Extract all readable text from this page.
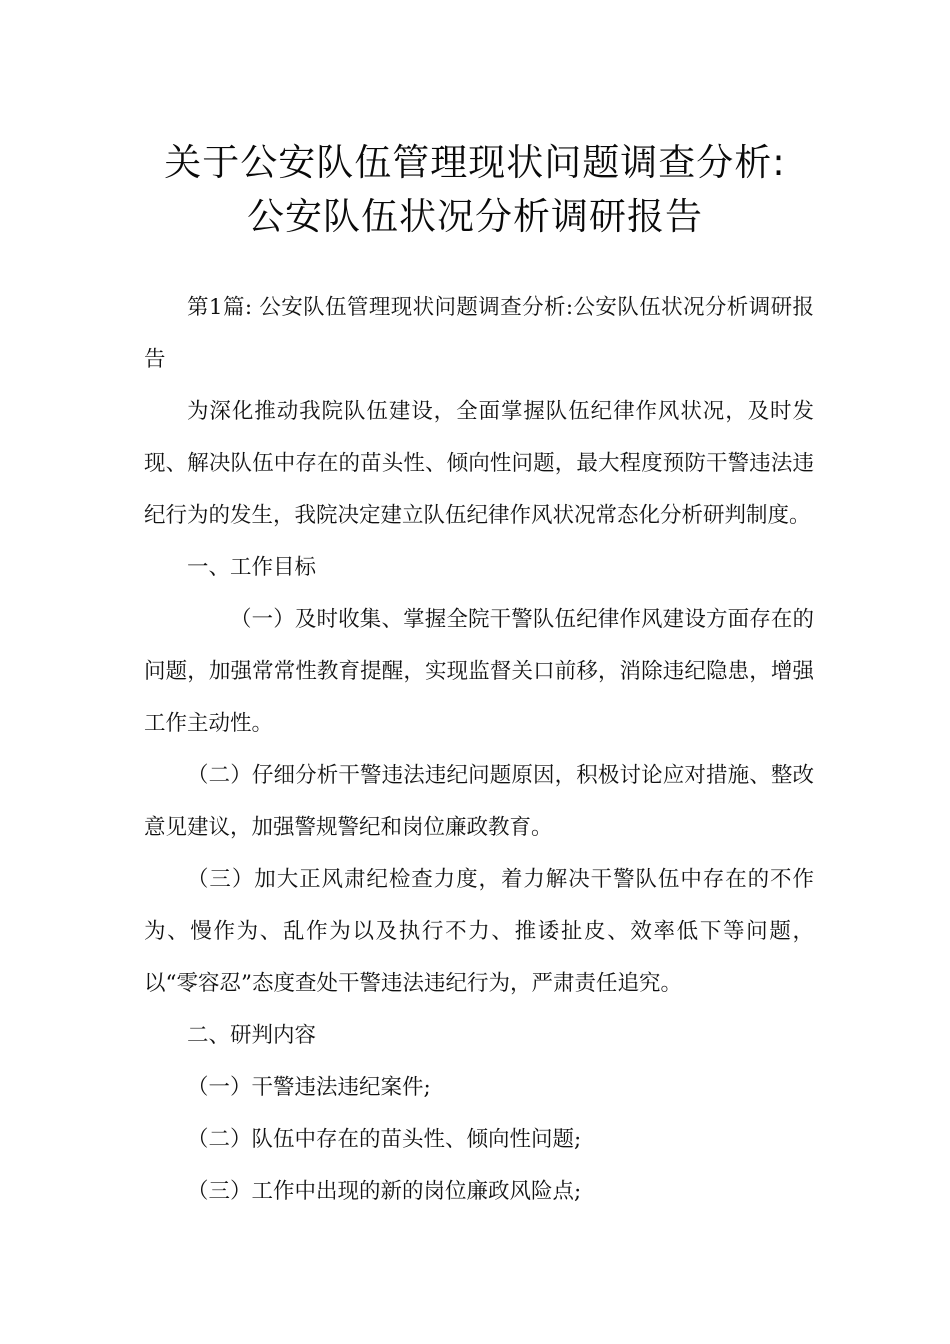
关于公安队伍管理现状问题调查分析:
公安队伍状况分析调研报告

第1篇: 公安队伍管理现状问题调查分析:公安队伍状况分析调研报告

为深化推动我院队伍建设，全面掌握队伍纪律作风状况，及时发现、解决队伍中存在的苗头性、倾向性问题，最大程度预防干警违法违纪行为的发生，我院决定建立队伍纪律作风状况常态化分析研判制度。

一、工作目标

（一）及时收集、掌握全院干警队伍纪律作风建设方面存在的问题，加强常常性教育提醒，实现监督关口前移，消除违纪隐患，增强工作主动性。

（二）仔细分析干警违法违纪问题原因，积极讨论应对措施、整改意见建议，加强警规警纪和岗位廉政教育。

（三）加大正风肃纪检查力度，着力解决干警队伍中存在的不作为、慢作为、乱作为以及执行不力、推诿扯皮、效率低下等问题，以“零容忍”态度查处干警违法违纪行为，严肃责任追究。

二、研判内容

（一）干警违法违纪案件;

（二）队伍中存在的苗头性、倾向性问题;

（三）工作中出现的新的岗位廉政风险点;
